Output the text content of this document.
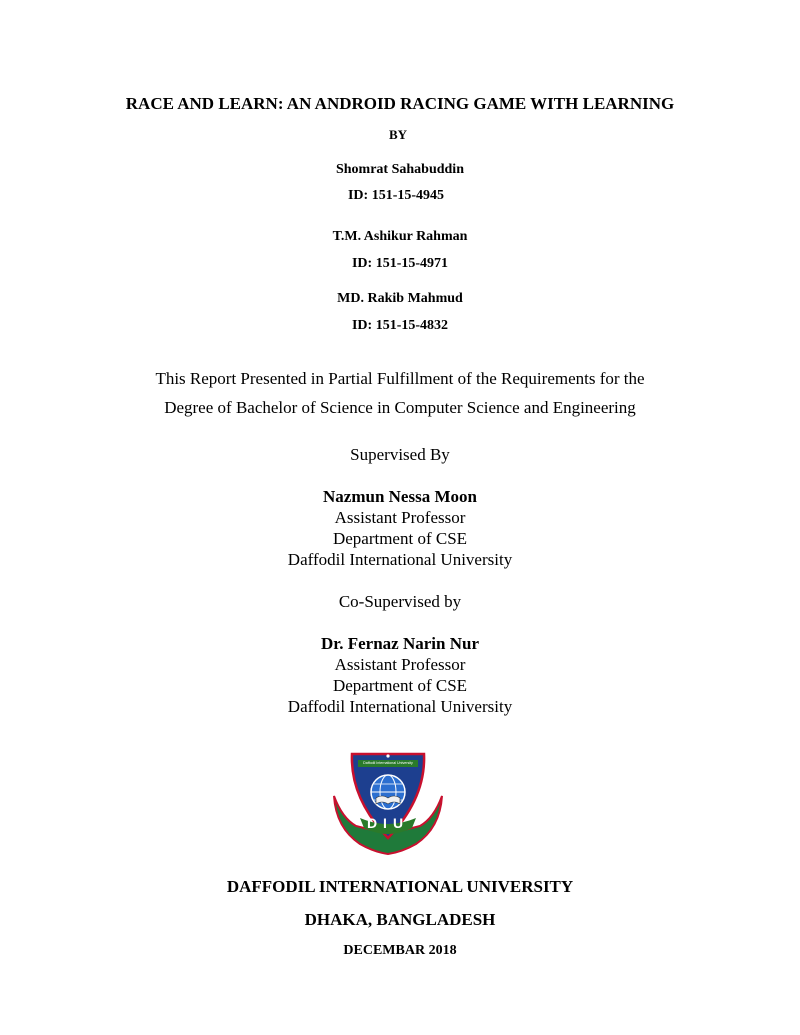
RACE AND LEARN: AN ANDROID RACING GAME WITH LEARNING
BY
Shomrat Sahabuddin
ID: 151-15-4945
T.M. Ashikur Rahman
ID: 151-15-4971
MD. Rakib Mahmud
ID: 151-15-4832
This Report Presented in Partial Fulfillment of the Requirements for the
Degree of Bachelor of Science in Computer Science and Engineering
Supervised By
Nazmun Nessa Moon
Assistant Professor
Department of CSE
Daffodil International University
Co-Supervised by
Dr. Fernaz Narin Nur
Assistant Professor
Department of CSE
Daffodil International University
Daffodil International University
DIU
DAFFODIL INTERNATIONAL UNIVERSITY
DHAKA, BANGLADESH
DECEMBAR 2018
